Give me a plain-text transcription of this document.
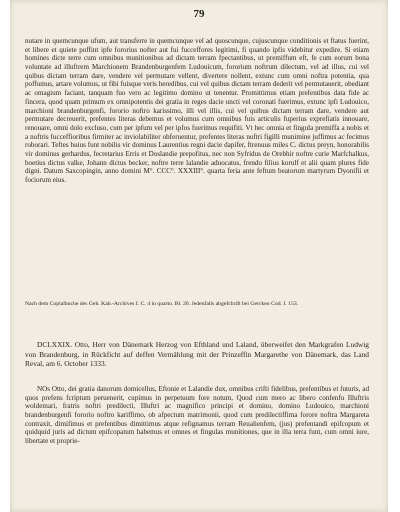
79

nutare in quemcunque ufum, aut transferre in quemcunque vel ad quoscunque, cujuscunque conditionis et ftatus fuerint, et libere et quiete poffint ipfe fororius nofter aut fui fucceffores legitimi, fi quando ipfis videbitur expedire. Si etiam homines dicte terre cum omnibus munitionibus ad dictam terram fpectantibus, ut premiffum eft, fe cum eorum bona voluntate ad illuftrem Marchionem Brandenburgenfem Ludouicum, fororium noftrum dilectum, vel ad illus, cui vel quibus dictam terram dare, vendere vel permutare vellent, divertere nollent, extunc cum omni noftra potentia, qua poffumus, artare volumus, ut fibi fuisque veris heredibus, cui vel quibus dictam terram dederit vel permutauerit, obediant ac omagium faciant, tanquam fuo vero ac legitimo domino ut tenentur. Promittimus etiam prefentibus data fide ac fincera, quod quam primum ex omnipotentis dei gratia in reges dacie uncti vel coronati fuerimus, extunc ipfi Ludouico, marchioni brandenburgenfi, fororio noftro karissimo, illi vel illis, cui vel quibus dictam terram dare, vendere aut permutare decreuerit, prefentes literas debemus et volumus cum omnibus fuis articulis fuperius exprefiatis innouare, renouare, omni dolo excluso, cum per ipfum vel per ipfos fuerimus requifiti. Vt hec omnia et fingula premiffa a nobis et a noftris fucceffioribus firmiter ac inviolabiliter obferuentur, prefentes literas noftri figilli munimine juffimus ac fecimus roborari. Teftes huius funt nobilis vir dominus Laurentius regni dacie dapifer, ftrenuus miles C. dictus preyn, honorabilis vir dominus gerhardus, fecretarius Erris et Doslandie prepofitus, nec non Syfridus de Orebhir noftre curie Marfchalkus, boetius dictus valke, Johann dictus becker, noftre terre lalandie aduocatus, frendo filius korulf et alii quam plures fide digni. Datum Saxcopingin, anno domini M°. CCC°. XXXIII°. quarta feria ante feftum beatorum martyrum Dyonifii et fociorum eius.

Nach dem Copialbuche des Geh. Kab.-Archives I. C. 4 in quarto. Bl. 20. Jedenfalls abgefchrift bei Gercken Cod. I. 153.

DCLXXIX. Otto, Herr von Dänemark Herzog von Efthland und Laland, überweifet den Markgrafen Ludwig von Brandenburg, in Rückficht auf deffen Vermählung mit der Prinzeffin Margarethe von Dänemark, das Land Reval, am 6. October 1333.

NOs Otto, dei gratia danorum domicellus, Eftonie et Lalandie dux, omnibus crifti fidelibus, prefentibus et futuris, ad quos prefens fcriptum peruenerit, cupimus in perpetuum fore notum, Quod cum mero ac libero confenfu Illuftris woldemari, fratris noftri predilecti, Illuftri ac magnifico principi et domino, domino Ludouico, marchioni brandenburgenfi fororio noftro kariffimo, ob afpectum matrimonii, quod cum predilectiffima forore noftra Margareta contraxit, dimifimus et prefentibus dimittimus atque refignamus terram Reualienfem, (jus) prefentandi epifcopum et quidquid juris ad dictum epifcopatum habemus et omnes et fingulas munitiones, que in illa terra funt, cum omni iure, libertate et proprie-
